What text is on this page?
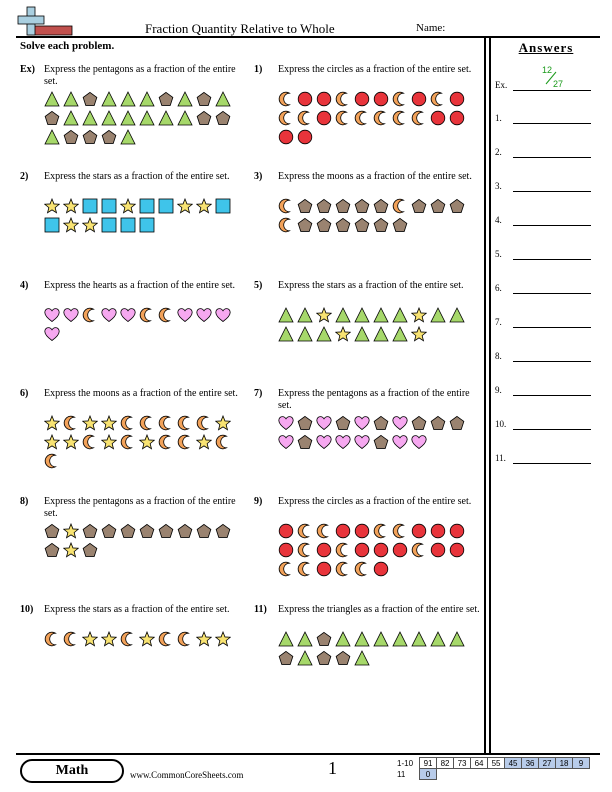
Fraction Quantity Relative to Whole	Name:
Solve each problem.	Answers
Ex.
12
27
1.
2.
3.
4.
5.
6.
7.
8.
9.
10.
11.
Ex) Express the pentagons as a fraction of the entire set.
1) Express the circles as a fraction of the entire set.
2) Express the stars as a fraction of the entire set.	3) Express the moons as a fraction of the entire set.
4) Express the hearts as a fraction of the entire set.	5) Express the stars as a fraction of the entire set.
6) Express the moons as a fraction of the entire set.	7) Express the pentagons as a fraction of the entire set.
8) Express the pentagons as a fraction of the entire set.
9) Express the circles as a fraction of the entire set.
10) Express the stars as a fraction of the entire set.	11) Express the triangles as a fraction of the entire set.
Math	www.CommonCoreSheets.com	1	1-10	91	82	73	64	55	45	36	27	18	9
11	0									
